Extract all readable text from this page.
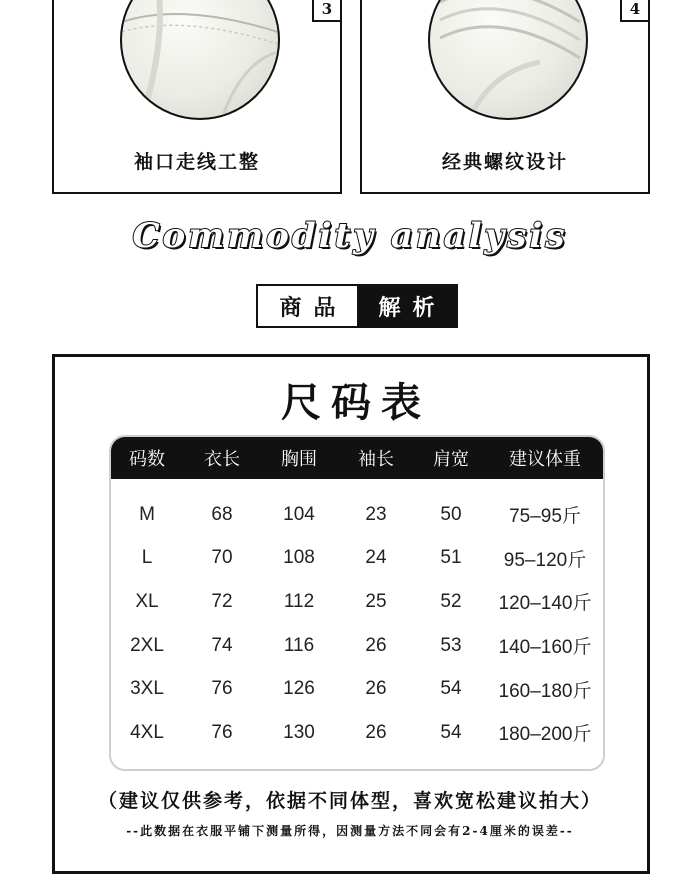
3
袖口走线工整
4
经典螺纹设计
Commodity analysis
商品	解析
尺码表
码数	衣长	胸围	袖长	肩宽	建议体重
M	68	104	23	50	75–95斤
L	70	108	24	51	95–120斤
XL	72	112	25	52	120–140斤
2XL	74	116	26	53	140–160斤
3XL	76	126	26	54	160–180斤
4XL	76	130	26	54	180–200斤
（建议仅供参考，依据不同体型，喜欢宽松建议拍大）
--此数据在衣服平铺下测量所得，因测量方法不同会有2-4厘米的误差--
